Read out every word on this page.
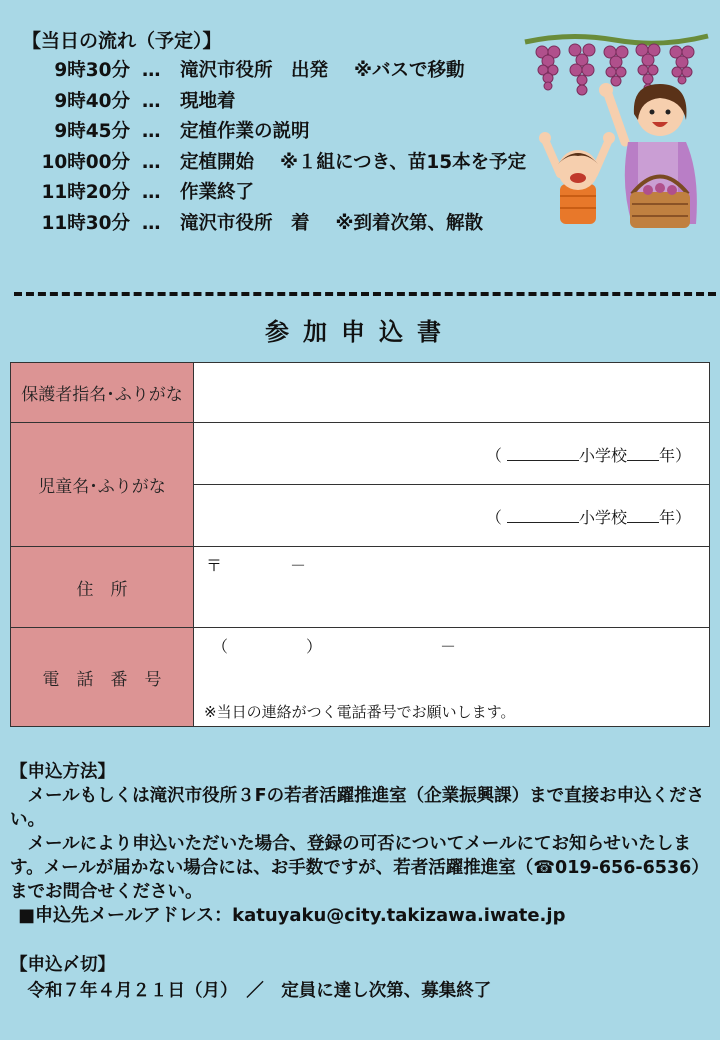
【当日の流れ（予定）】
9時30分 … 滝沢市役所　出発 ※バスで移動
9時40分 … 現地着
9時45分 … 定植作業の説明
10時00分 … 定植開始 ※１組につき、苗15本を予定
11時20分 … 作業終了
11時30分 … 滝沢市役所　着 ※到着次第、解散
参加申込書
保護者指名･ふりがな	
児童名･ふりがな	（ 小学校 年）

	（ 小学校 年）

住　所	〒 －

電　話　番　号	（ ） －
※当日の連絡がつく電話番号でお願いします。

【申込方法】

メールもしくは滝沢市役所３Fの若者活躍推進室（企業振興課）まで直接お申込ください。

メールにより申込いただいた場合、登録の可否についてメールにてお知らせいたします。メールが届かない場合には、お手数ですが、若者活躍推進室（☎019-656-6536）までお問合せください。

■申込先メールアドレス：katuyaku@city.takizawa.iwate.jp

【申込〆切】

令和７年４月２１日（月）　／　定員に達し次第、募集終了
